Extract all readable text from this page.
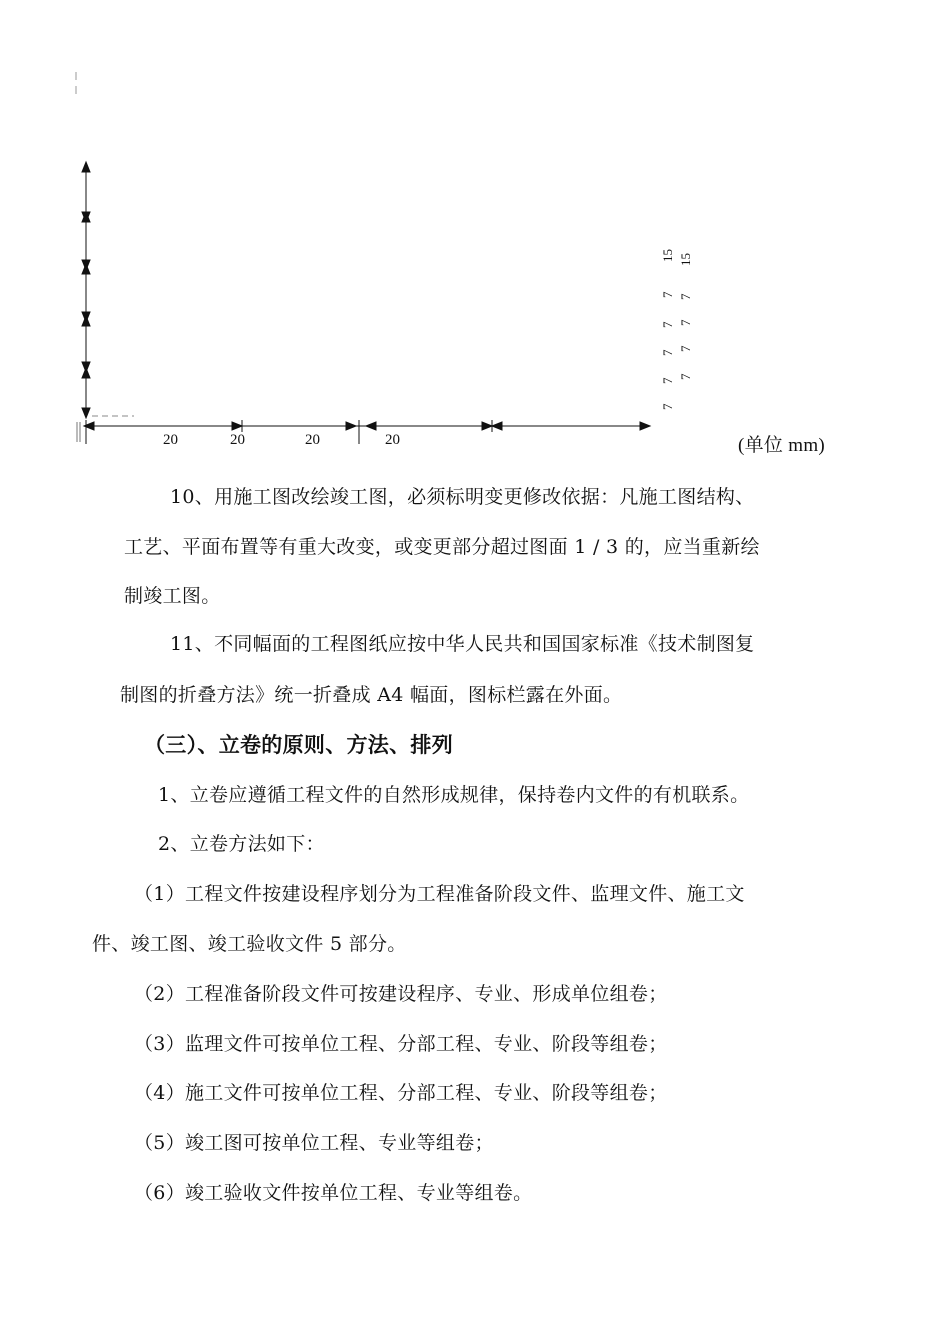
20	20	20	20
15
7
7
7
7
7
15
7
7
7
7
(单位 mm)
10、用施工图改绘竣工图，必须标明变更修改依据：凡施工图结构、
工艺、平面布置等有重大改变，或变更部分超过图面 1 / 3 的，应当重新绘
制竣工图。
11、不同幅面的工程图纸应按中华人民共和国国家标准《技术制图复
制图的折叠方法》统一折叠成 A4 幅面，图标栏露在外面。
（三）、立卷的原则、方法、排列
1、立卷应遵循工程文件的自然形成规律，保持卷内文件的有机联系。
2、立卷方法如下：
（1）工程文件按建设程序划分为工程准备阶段文件、监理文件、施工文
件、竣工图、竣工验收文件 5 部分。
（2）工程准备阶段文件可按建设程序、专业、形成单位组卷；
（3）监理文件可按单位工程、分部工程、专业、阶段等组卷；
（4）施工文件可按单位工程、分部工程、专业、阶段等组卷；
（5）竣工图可按单位工程、专业等组卷；
（6）竣工验收文件按单位工程、专业等组卷。
